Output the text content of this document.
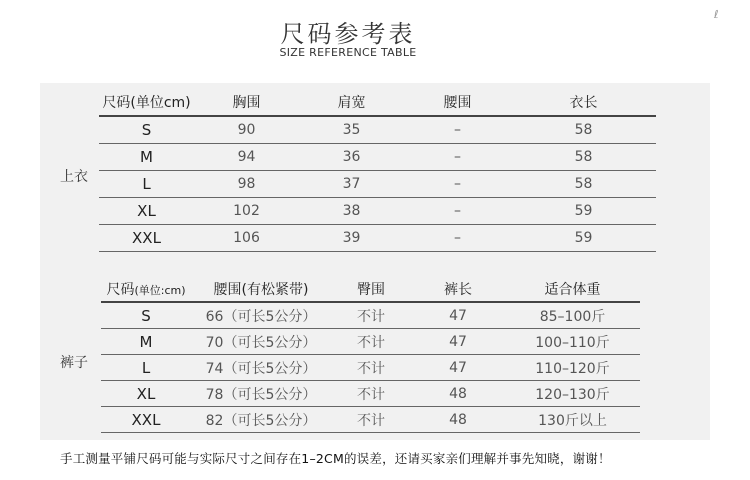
尺码参考表
SIZE REFERENCE TABLE
ℓ
上衣
裤子
尺码(单位cm)	胸围	肩宽	腰围	衣长
S	90	35	–	58
M	94	36	–	58
L	98	37	–	58
XL	102	38	–	59
XXL	106	39	–	59
尺码(单位:cm)	腰围(有松紧带)	臀围	裤长	适合体重
S	66（可长5公分）	不计	47	85–100斤
M	70（可长5公分）	不计	47	100–110斤
L	74（可长5公分）	不计	47	110–120斤
XL	78（可长5公分）	不计	48	120–130斤
XXL	82（可长5公分）	不计	48	130斤以上
手工测量平铺尺码可能与实际尺寸之间存在1–2CM的误差，还请买家亲们理解并事先知晓，谢谢！
